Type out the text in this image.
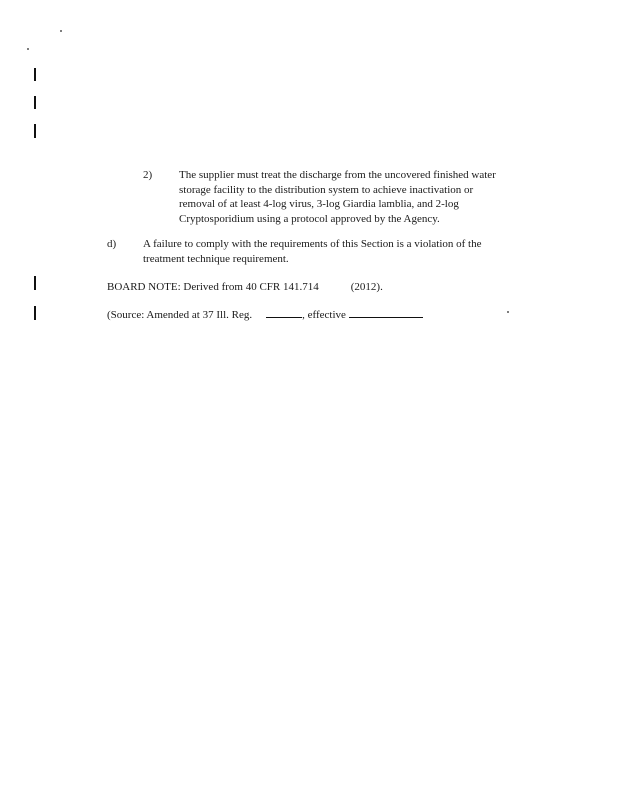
2) The supplier must treat the discharge from the uncovered finished water
storage facility to the distribution system to achieve inactivation or
removal of at least 4-log virus, 3-log Giardia lamblia, and 2-log
Cryptosporidium using a protocol approved by the Agency.
d) A failure to comply with the requirements of this Section is a violation of the
treatment technique requirement.
BOARD NOTE: Derived from 40 CFR 141.714	(2012).
(Source: Amended at 37 Ill. Reg.	, effective
